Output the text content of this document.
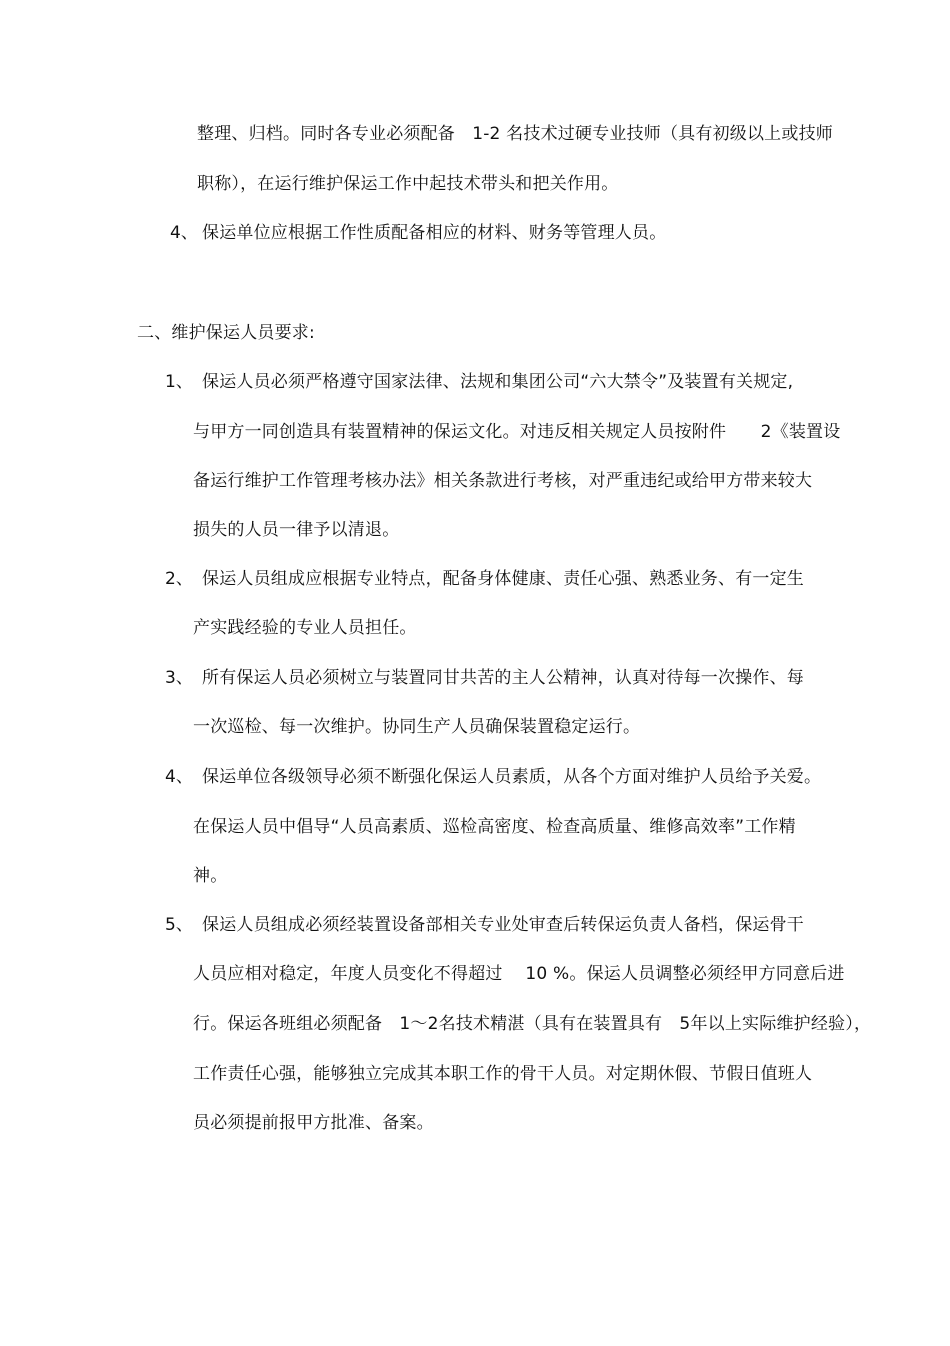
整理、归档。同时各专业必须配备　1-2 名技术过硬专业技师（具有初级以上或技师
职称），在运行维护保运工作中起技术带头和把关作用。
4、 保运单位应根据工作性质配备相应的材料、财务等管理人员。
二、维护保运人员要求:
1、 保运人员必须严格遵守国家法律、法规和集团公司“六大禁令”及装置有关规定,
与甲方一同创造具有装置精神的保运文化。对违反相关规定人员按附件　　2《装置设
备运行维护工作管理考核办法》相关条款进行考核，对严重违纪或给甲方带来较大
损失的人员一律予以清退。
2、 保运人员组成应根据专业特点，配备身体健康、责任心强、熟悉业务、有一定生
产实践经验的专业人员担任。
3、 所有保运人员必须树立与装置同甘共苦的主人公精神，认真对待每一次操作、每
一次巡检、每一次维护。协同生产人员确保装置稳定运行。
4、 保运单位各级领导必须不断强化保运人员素质，从各个方面对维护人员给予关爱。
在保运人员中倡导“人员高素质、巡检高密度、检查高质量、维修高效率”工作精
神。
5、 保运人员组成必须经装置设备部相关专业处审查后转保运负责人备档，保运骨干
人员应相对稳定，年度人员变化不得超过　 10 %。保运人员调整必须经甲方同意后进
行。保运各班组必须配备　1～2名技术精湛（具有在装置具有　5年以上实际维护经验），
工作责任心强，能够独立完成其本职工作的骨干人员。对定期休假、节假日值班人
员必须提前报甲方批准、备案。
